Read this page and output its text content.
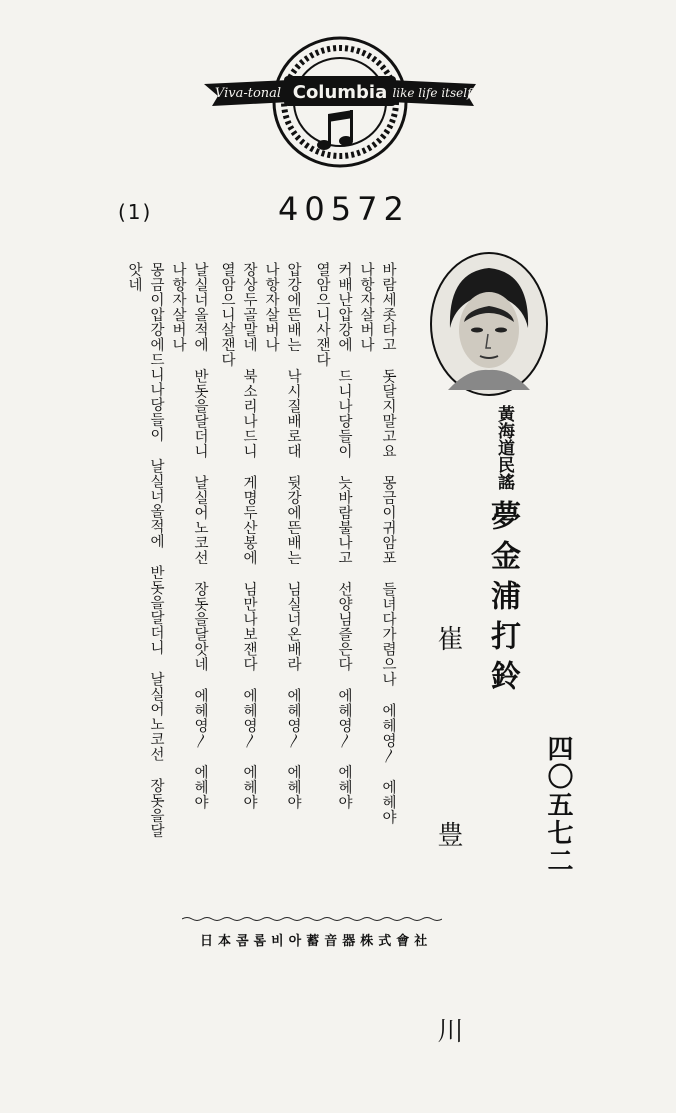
Viva-tonal Columbia like life itself
(1)	40572
黃海道民謠
夢金浦打鈴
崔 豊 川	四〇五七二
바람세좃타고 돗달지말고요 몽금이귀암포 들녀다가렴으나 에헤영〳 에헤야
나항자살버나
커배난압강에 드니나당들이 늣바람불나고 선양님즐은다 에헤영〳 에헤야
열암으니사잰다
압강에뜬배는 낙시질배로대 뒷강에뜬배는 님실너온배라 에헤영〳 에헤야
나항자살버나
장상두골말네 북소리나드니 게명두산봉에 님만나보잰다 에헤영〳 에헤야
열암으니살잰다
날실너올적에 반돗을달더니 날실어노코선 장돗을달앗네 에헤영〳 에헤야
나항자살버나
몽금이압강에드니나당들이 날실너올적에 반돗을달더니 날실어노코선 장돗을달
앗네
日本콤롬비아蓄音器株式會社
